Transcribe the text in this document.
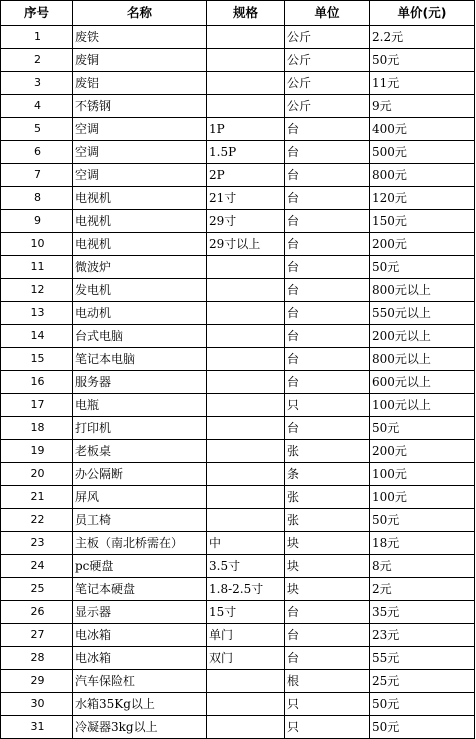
序号	名称	规格	单位	单价(元)
1	废铁		公斤	2.2元
2	废铜		公斤	50元
3	废铝		公斤	11元
4	不锈钢		公斤	9元
5	空调	1P	台	400元
6	空调	1.5P	台	500元
7	空调	2P	台	800元
8	电视机	21寸	台	120元
9	电视机	29寸	台	150元
10	电视机	29寸以上	台	200元
11	微波炉		台	50元
12	发电机		台	800元以上
13	电动机		台	550元以上
14	台式电脑		台	200元以上
15	笔记本电脑		台	800元以上
16	服务器		台	600元以上
17	电瓶		只	100元以上
18	打印机		台	50元
19	老板桌		张	200元
20	办公隔断		条	100元
21	屏风		张	100元
22	员工椅		张	50元
23	主板（南北桥需在）	中	块	18元
24	pc硬盘	3.5寸	块	8元
25	笔记本硬盘	1.8-2.5寸	块	2元
26	显示器	15寸	台	35元
27	电冰箱	单门	台	23元
28	电冰箱	双门	台	55元
29	汽车保险杠		根	25元
30	水箱35Kg以上		只	50元
31	冷凝器3kg以上		只	50元
